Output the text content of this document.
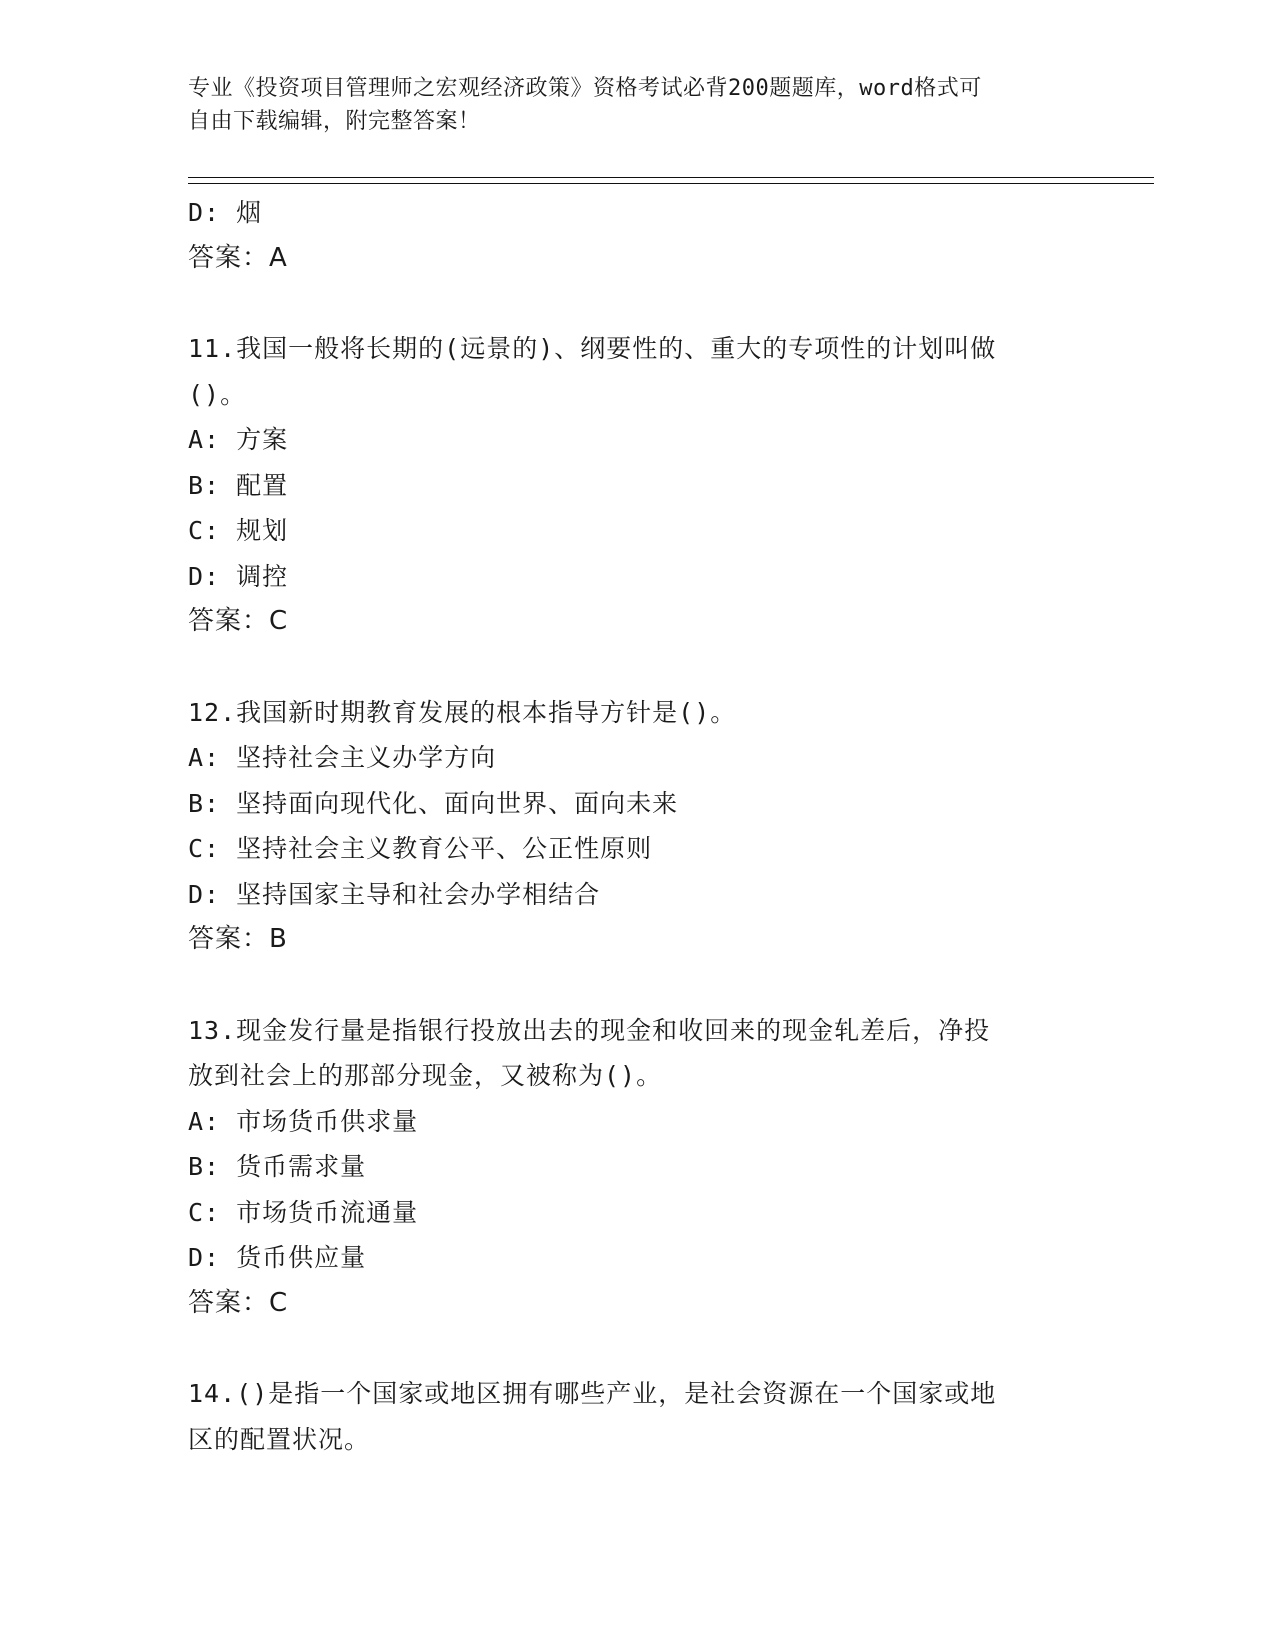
专业《投资项目管理师之宏观经济政策》资格考试必背200题题库，word格式可
自由下载编辑，附完整答案！
D: 烟
答案：A
11.我国一般将长期的(远景的)、纲要性的、重大的专项性的计划叫做
()。
A: 方案
B: 配置
C: 规划
D: 调控
答案：C
12.我国新时期教育发展的根本指导方针是()。
A: 坚持社会主义办学方向
B: 坚持面向现代化、面向世界、面向未来
C: 坚持社会主义教育公平、公正性原则
D: 坚持国家主导和社会办学相结合
答案：B
13.现金发行量是指银行投放出去的现金和收回来的现金轧差后，净投
放到社会上的那部分现金，又被称为()。
A: 市场货币供求量
B: 货币需求量
C: 市场货币流通量
D: 货币供应量
答案：C
14.()是指一个国家或地区拥有哪些产业，是社会资源在一个国家或地
区的配置状况。
